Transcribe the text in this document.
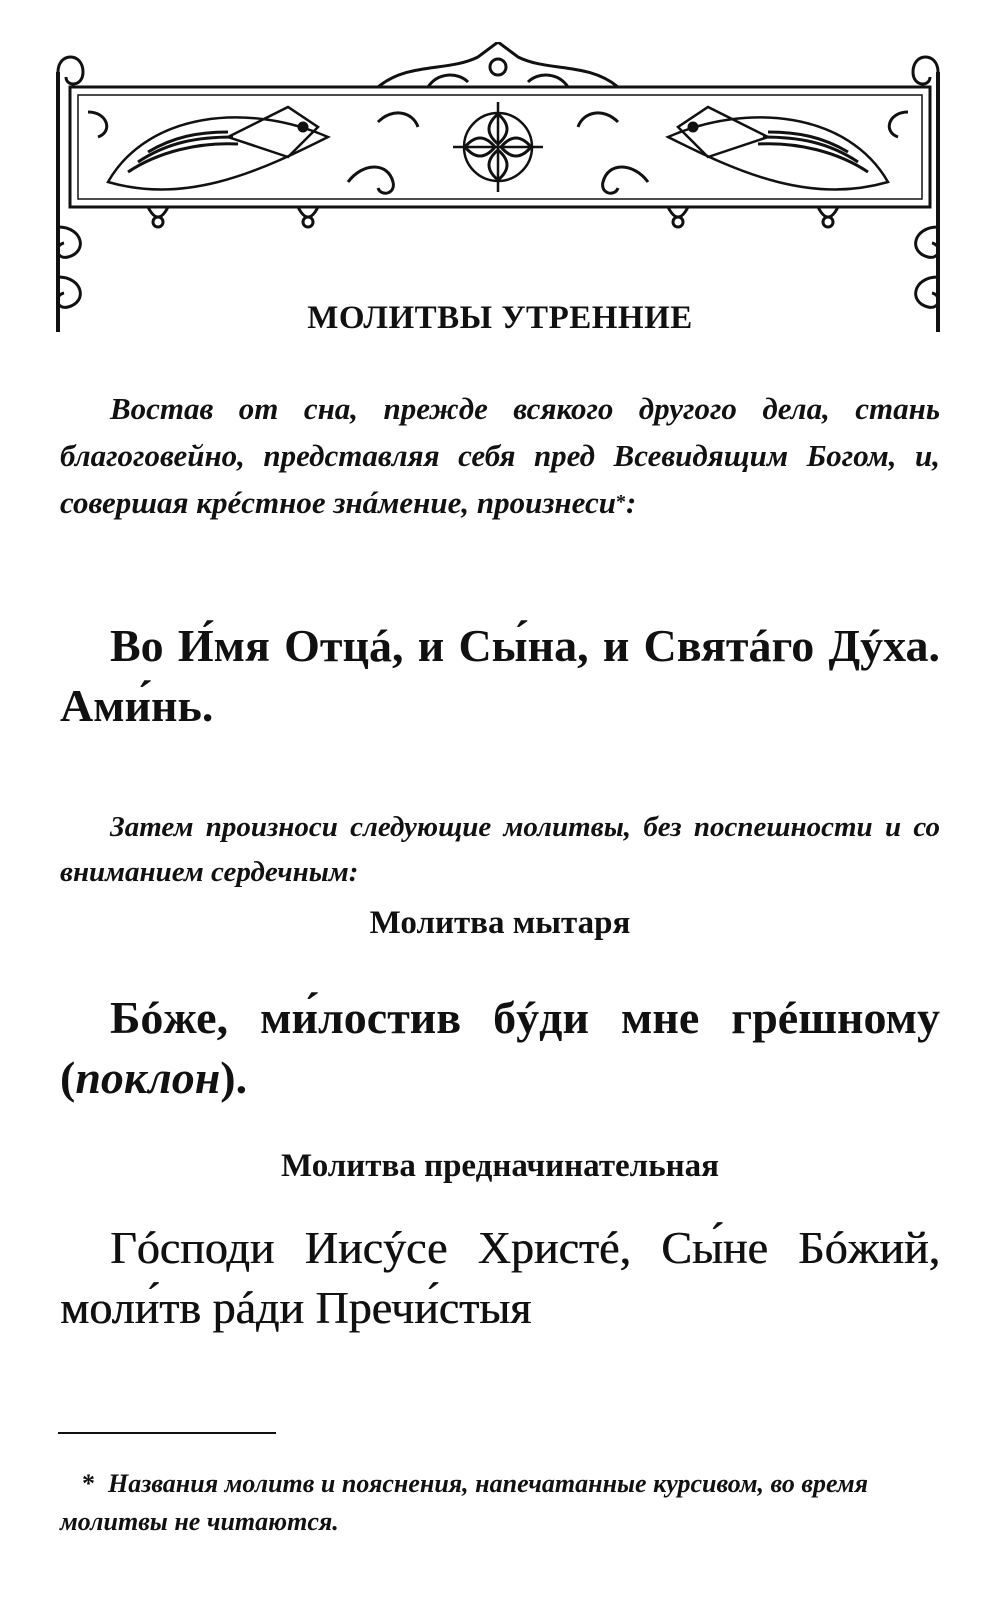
МОЛИТВЫ УТРЕННИЕ
Востав от сна, прежде всякого другого дела, стань благоговейно, представляя себя пред Всевидящим Богом, и, совершая крéстное знáмение, произнеси*:
Во И́мя Отцá, и Сы́на, и Святáго Дýха. Ами́нь.
Затем произноси следующие молитвы, без поспешности и со вниманием сердечным:
Молитва мытаря
Бóже, ми́лостив бýди мне грéшному (поклон).
Молитва предначинательная
Гóсподи Иисýсе Христé, Сы́не Бóжий, моли́тв рáди Пречи́стыя
* Названия молитв и пояснения, напечатанные курсивом, во время молитвы не читаются.
